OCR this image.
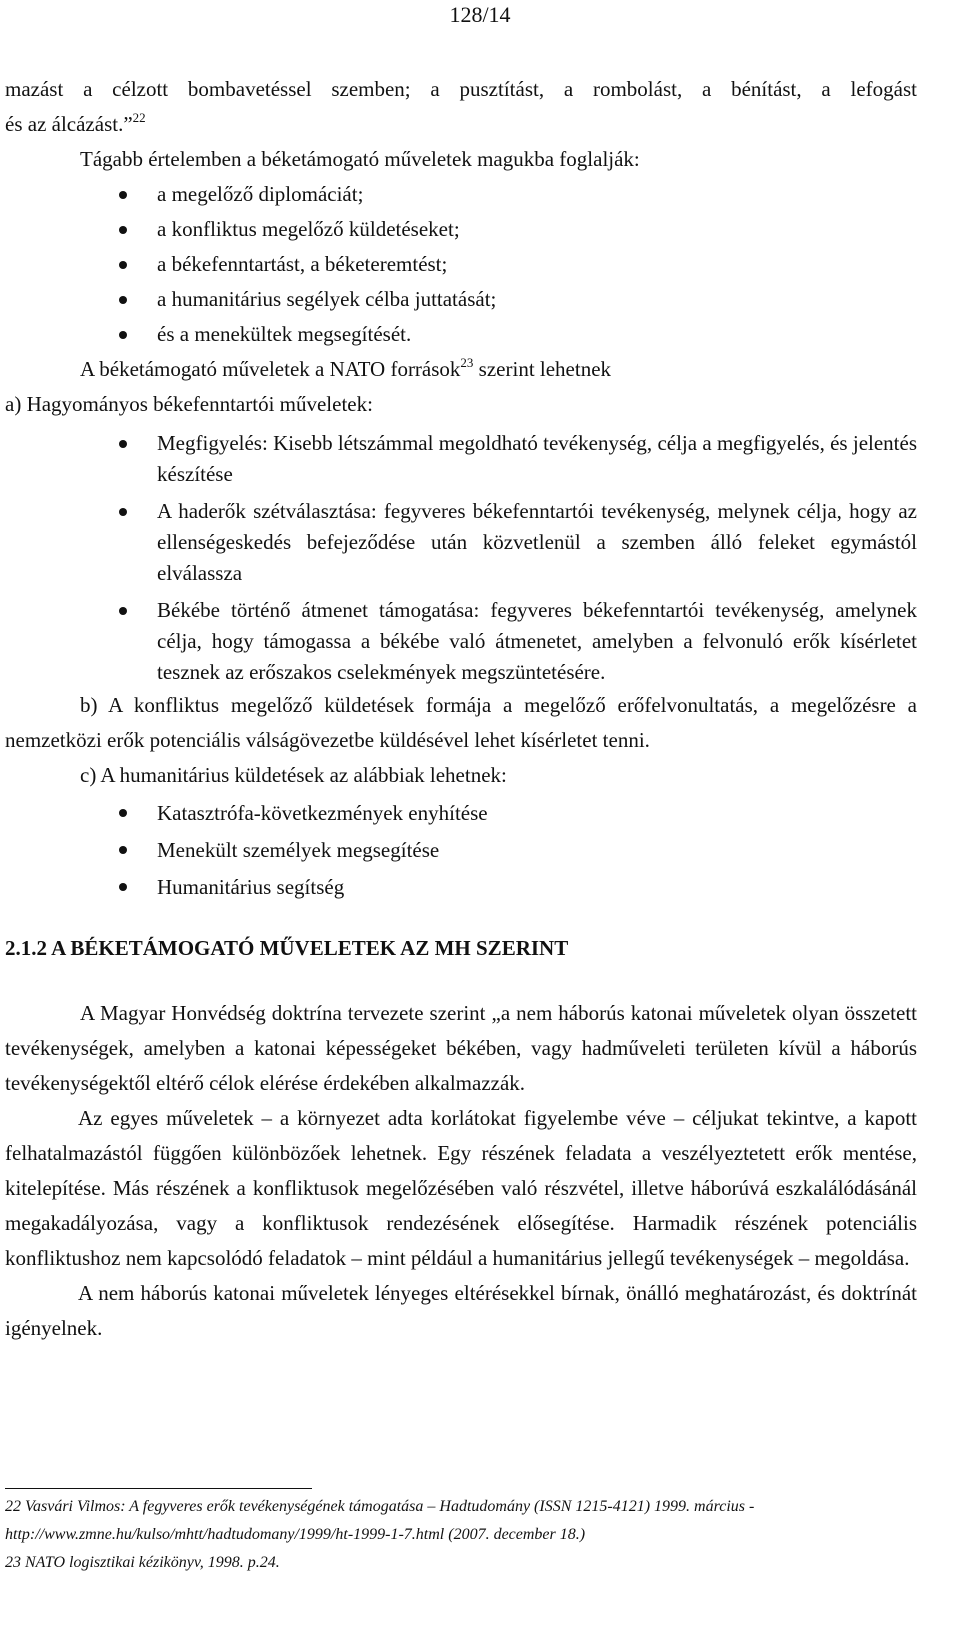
128/14

mazást a célzott bombavetéssel szemben; a pusztítást, a rombolást, a bénítást, a lefogást

és az álcázást.”$^{22}$

Tágabb értelemben a béketámogató műveletek magukba foglalják:

a megelőző diplomáciát;
a konfliktus megelőző küldetéseket;
a békefenntartást, a béketeremtést;
a humanitárius segélyek célba juttatását;
és a menekültek megsegítését.

A béketámogató műveletek a NATO források$^{23}$ szerint lehetnek

a) Hagyományos békefenntartói műveletek:

Megfigyelés: Kisebb létszámmal megoldható tevékenység, célja a megfigyelés, és jelentés készítése

A haderők szétválasztása: fegyveres békefenntartói tevékenység, melynek célja, hogy az ellenségeskedés befejeződése után közvetlenül a szemben álló feleket egymástól elválassza

Békébe történő átmenet támogatása: fegyveres békefenntartói tevékenység, amelynek célja, hogy támogassa a békébe való átmenetet, amelyben a felvonuló erők kísérletet tesznek az erőszakos cselekmények megszüntetésére.

b) A konfliktus megelőző küldetések formája a megelőző erőfelvonultatás, a megelőzésre a nemzetközi erők potenciális válságövezetbe küldésével lehet kísérletet tenni.

c) A humanitárius küldetések az alábbiak lehetnek:

Katasztrófa-következmények enyhítése
Menekült személyek megsegítése
Humanitárius segítség

2.1.2 A BÉKETÁMOGATÓ MŰVELETEK AZ MH SZERINT

A Magyar Honvédség doktrína tervezete szerint „a nem háborús katonai műveletek olyan összetett tevékenységek, amelyben a katonai képességeket békében, vagy hadműveleti területen kívül a háborús tevékenységektől eltérő célok elérése érdekében alkalmazzák.

Az egyes műveletek – a környezet adta korlátokat figyelembe véve – céljukat tekintve, a kapott felhatalmazástól függően különbözőek lehetnek. Egy részének feladata a veszélyeztetett erők mentése, kitelepítése. Más részének a konfliktusok megelőzésében való részvétel, illetve háborúvá eszkalálódásánál megakadályozása, vagy a konfliktusok rendezésének elősegítése. Harmadik részének potenciális konfliktushoz nem kapcsolódó feladatok – mint például a humanitárius jellegű tevékenységek – megoldása.

A nem háborús katonai műveletek lényeges eltérésekkel bírnak, önálló meghatározást, és doktrínát igényelnek.

22 Vasvári Vilmos: A fegyveres erők tevékenységének támogatása – Hadtudomány (ISSN 1215-4121) 1999. március -

http://www.zmne.hu/kulso/mhtt/hadtudomany/1999/ht-1999-1-7.html (2007. december 18.)

23 NATO logisztikai kézikönyv, 1998. p.24.
